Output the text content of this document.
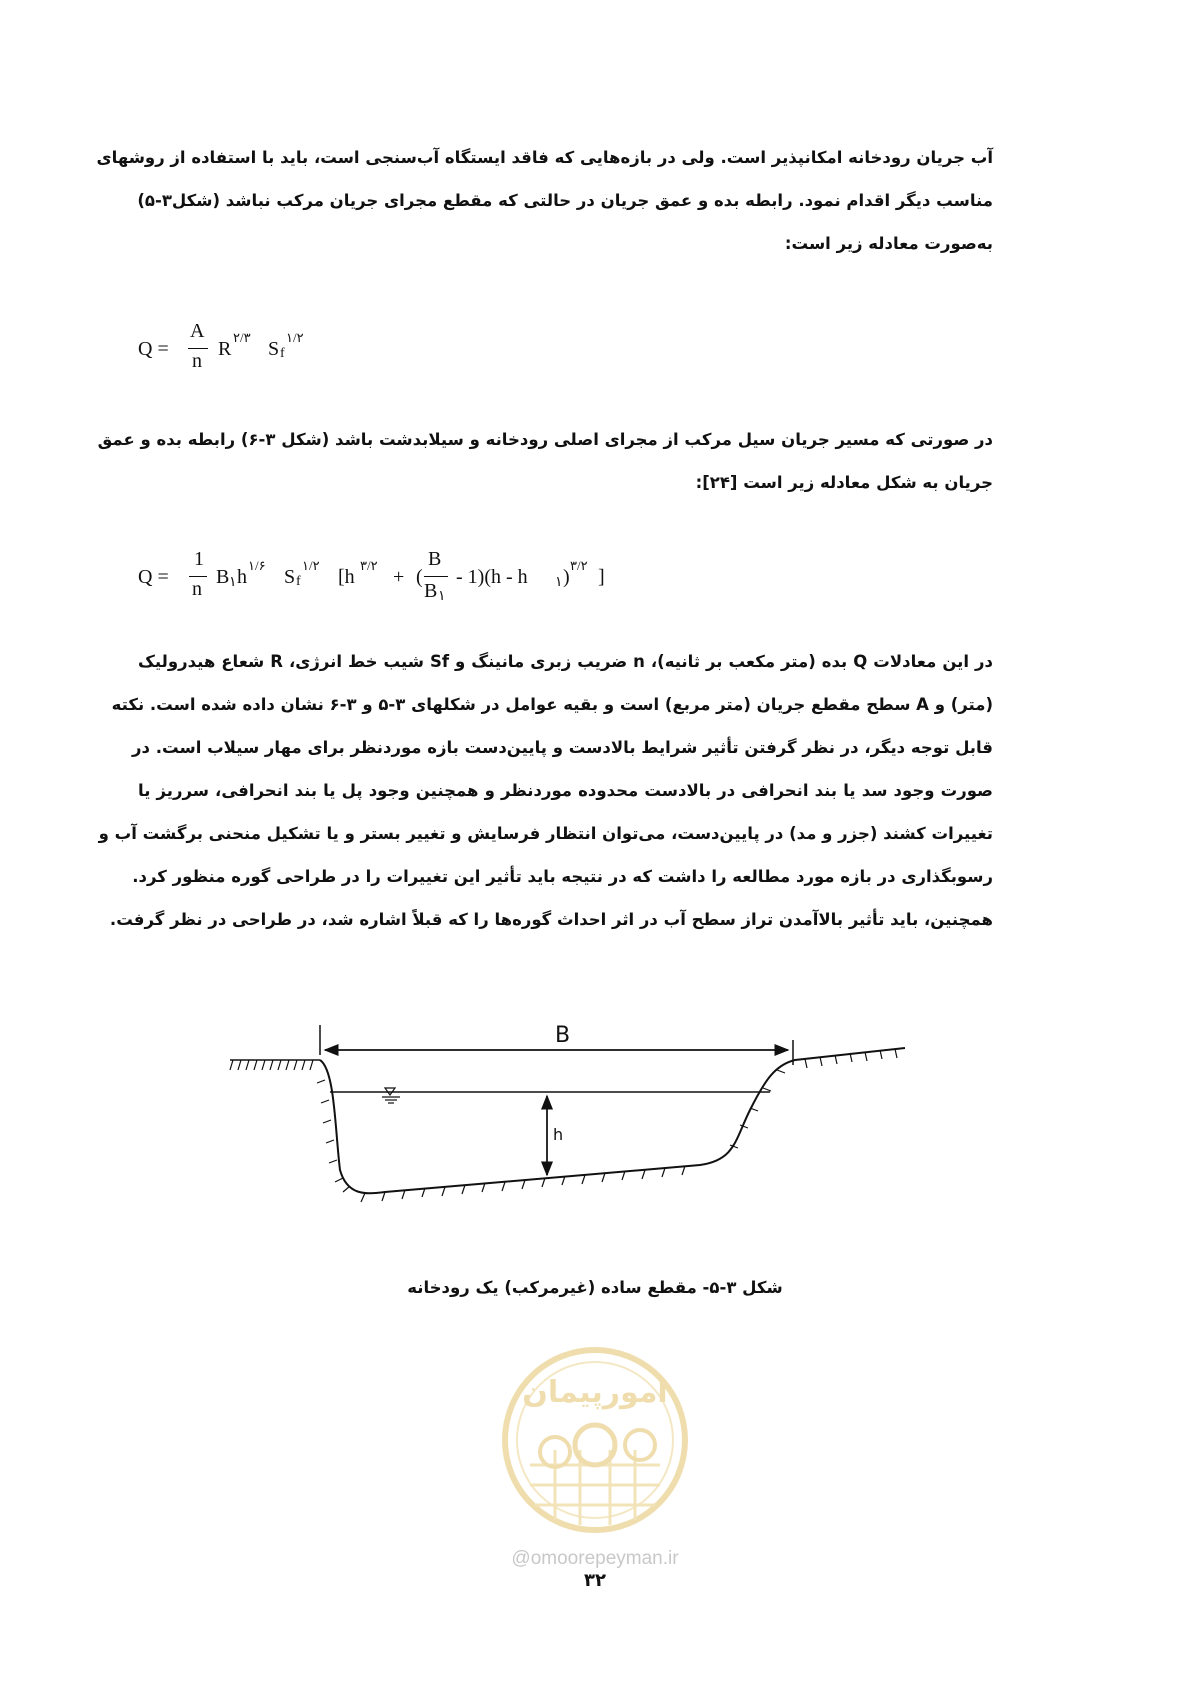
آب جریان رودخانه امکانپذیر است. ولی در بازه‌هایی که فاقد ایستگاه آب‌سنجی است، باید با استفاده از روشهای
مناسب دیگر اقدام نمود. رابطه بده و عمق جریان در حالتی که مقطع مجرای جریان مرکب نباشد (شکل۳-۵)
به‌صورت معادله زیر است:
Q =
A
n
R
۲/۳
S f
۱/۲
در صورتی که مسیر جریان سیل مرکب از مجرای اصلی رودخانه و سیلابدشت باشد (شکل ۳-۶) رابطه بده و عمق
جریان به شکل معادله زیر است [۲۴]:
Q =
1
n
B ۱ h
۱/۶
S f
۱/۲
[h
۳/۲
+ (
B
B ۱
- 1)(h - h ۱ )
۳/۲
]
در این معادلات Q بده (متر مکعب بر ثانیه)، n ضریب زبری مانینگ و Sf شیب خط انرژی، R شعاع هیدرولیک
(متر) و A سطح مقطع جریان (متر مربع) است و بقیه عوامل در شکلهای ۳-۵ و ۳-۶ نشان داده شده است. نکته
قابل توجه دیگر، در نظر گرفتن تأثیر شرایط بالادست و پایین‌دست بازه موردنظر برای مهار سیلاب است. در
صورت وجود سد یا بند انحرافی در بالادست محدوده موردنظر و همچنین وجود پل یا بند انحرافی، سرریز یا
تغییرات کشند (جزر و مد) در پایین‌دست، می‌توان انتظار فرسایش و تغییر بستر و یا تشکیل منحنی برگشت آب و
رسوبگذاری در بازه مورد مطالعه را داشت که در نتیجه باید تأثیر این تغییرات را در طراحی گوره منظور کرد.
همچنین، باید تأثیر بالاآمدن تراز سطح آب در اثر احداث گوره‌ها را که قبلاً اشاره شد، در طراحی در نظر گرفت.
B
h
شکل ۳-۵- مقطع ساده (غیرمرکب) یک رودخانه
امورپیمان
@omoorepeyman.ir
۳۲
